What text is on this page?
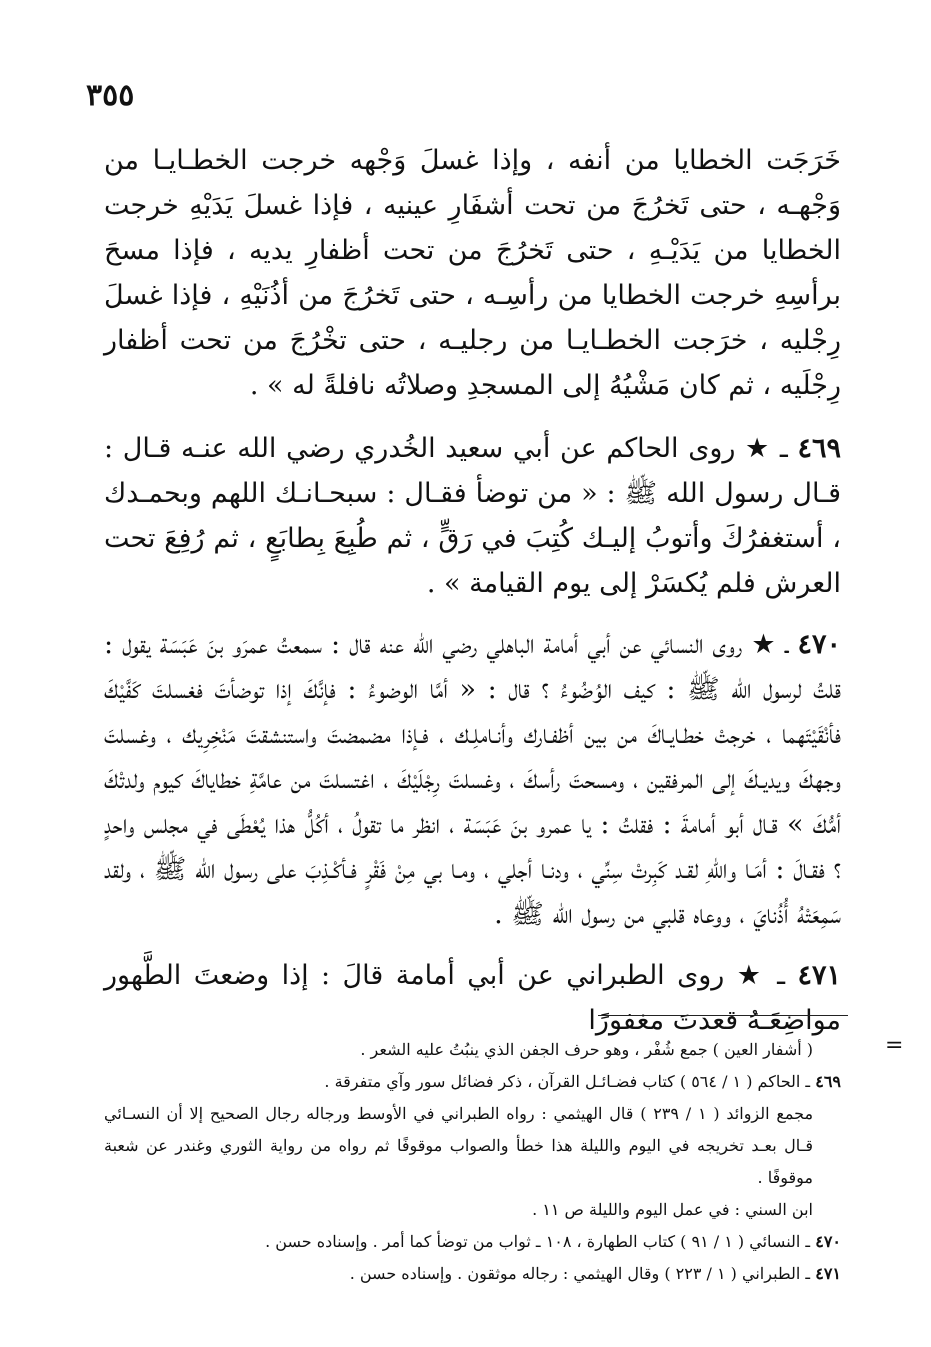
٣٥٥

خَرَجَت الخطايا من أنفه ، وإذا غسلَ وَجْهه خرجت الخطـايـا من وَجْهـه ، حتى تَخرُجَ من تحت أشفَارِ عينيه ، فإذا غسلَ يَدَيْهِ خرجت الخطايا من يَدَيْـهِ ، حتى تَخرُجَ من تحت أظفارِ يديه ، فإذا مسحَ برأسِهِ خرجت الخطايا من رأسِـه ، حتى تَخرُجَ من أذُنَيْهِ ، فإذا غسلَ رِجْليه ، خرَجت الخطـايـا من رجليـه ، حتى تخْرُجَ من تحت أظفار رِجْلَيه ، ثم كان مَشْيُهُ إلى المسجدِ وصلاتُه نافلةً له » .

٤٦٩ ـ ★ روى الحاكم عن أبي سعيد الخُدري رضي الله عنـه قـال : قـال رسول الله ﷺ : « من توضأ فقـال : سبحـانـك اللهم وبحمـدك ، أستغفرُكَ وأتوبُ إليـك كُتِبَ في رَقٍّ ، ثم طُبِعَ بِطابَعٍ ، ثم رُفِعَ تحت العرش فلم يُكسَرْ إلى يوم القيامة » .

٤٧٠ ـ ★ روى النسائي عن أبي أمامة الباهلي رضي الله عنه قال : سمعتُ عمرَو بنَ عَبَسَة يقول : قلتُ لرسول الله ﷺ : كيف الوُضُوءُ ؟ قال : « أمَّا الوضوءُ : فإنَّكَ إذا توضأتَ فغسلتَ كَفَّيْكَ فأنْقَيْتَهما ، خرجتْ خطـايـاكَ من بين أظفـارك وأنـاملِـك ، فـإذا مضمضتَ واستنشقتَ مَنْخِرِيك ، وغسلتَ وجهكَ ويديـكَ إلى المرفقين ، ومسحتَ رأسكَ ، وغسلتَ رِجْلَيْكَ ، اغتسلتَ من عامَّةِ خطاياكَ كيوم ولدتْكَ أمُّكَ » قـال أبو أمامةَ : فقلتُ : يا عمرو بنَ عَبَسَة ، انظر ما تقولُ ، أكُلُّ هذا يُعْطَى في مجلس واحدٍ ؟ فقـالَ : أمَـا واللهِ لقـد كَبِرتْ سِنِّي ، ودنـا أجلي ، ومـا بي مِنْ فَقْرٍ فـأكْـذِبَ على رسول الله ﷺ ، ولقد سَمِعَتْهُ أُذُنايَ ، ووعاه قلبي من رسول الله ﷺ .

٤٧١ ـ ★ روى الطبراني عن أبي أمامة قالَ : إذا وضعتَ الطَّهور مواضِعَـهُ قعدتَ مغفورًا

=

( أشفار العين ) جمع شُفْر ، وهو حرف الجفن الذي ينبُتُ عليه الشعر .

٤٦٩ ـ الحاكم ( ١ / ٥٦٤ ) كتاب فضـائـل القرآن ، ذكر فضائل سور وآي متفرقة .

مجمع الزوائد ( ١ / ٢٣٩ ) قال الهيثمي : رواه الطبراني في الأوسط ورجاله رجال الصحيح إلا أن النسـائي قـال بعـد تخريجه في اليوم والليلة هذا خطأ والصواب موقوفًا ثم رواه من رواية الثوري وغندر عن شعبة موقوفًا .

ابن السني : في عمل اليوم والليلة ص ١١ .

٤٧٠ ـ النسائي ( ١ / ٩١ ) كتاب الطهارة ، ١٠٨ ـ ثواب من توضأ كما أمر . وإسناده حسن .

٤٧١ ـ الطبراني ( ١ / ٢٢٣ ) وقال الهيثمي : رجاله موثقون . وإسناده حسن .
